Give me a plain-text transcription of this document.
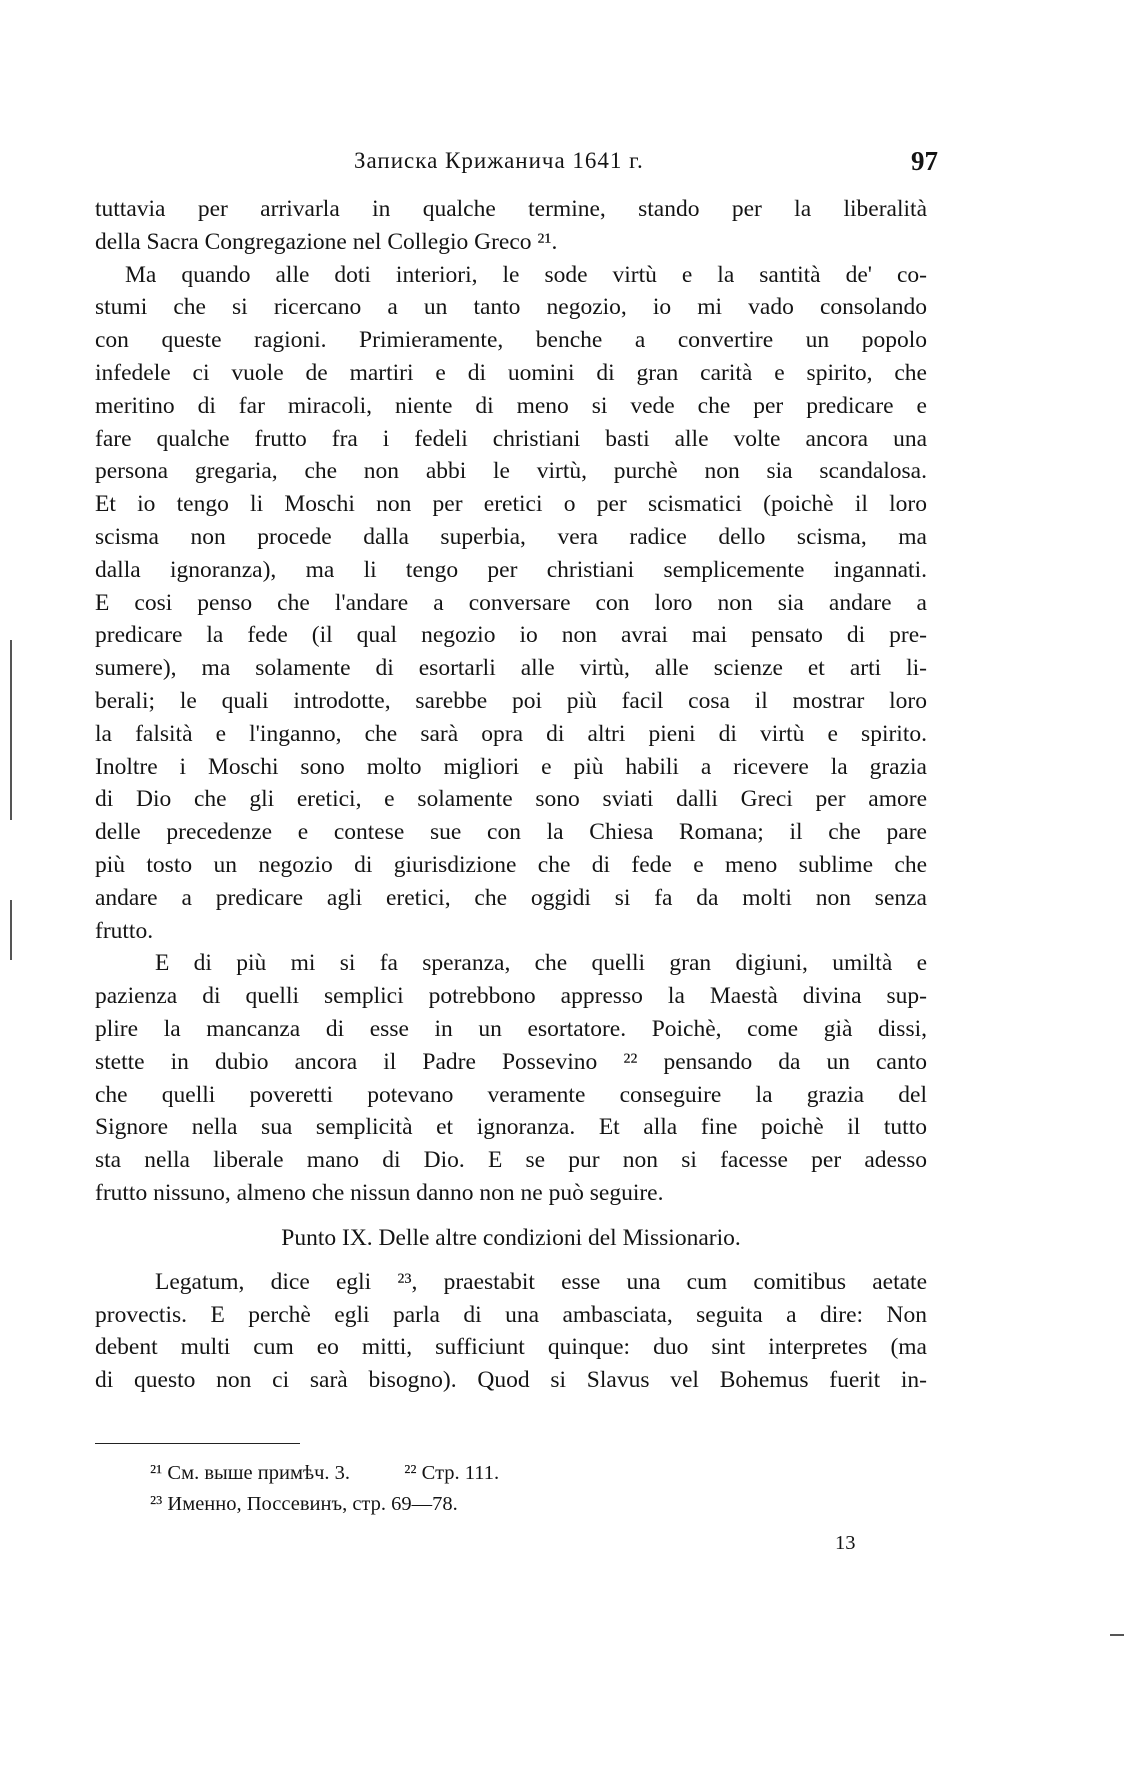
Записка Крижанича 1641 г.	97
tuttavia per arrivarla in qualche termine, stando per la liberalità
della Sacra Congregazione nel Collegio Greco ²¹.
Ma quando alle doti interiori, le sode virtù e la santità de' co-
stumi che si ricercano a un tanto negozio, io mi vado consolando
con queste ragioni. Primieramente, benche a convertire un popolo
infedele ci vuole de martiri e di uomini di gran carità e spirito, che
meritino di far miracoli, niente di meno si vede che per predicare e
fare qualche frutto fra i fedeli christiani basti alle volte ancora una
persona gregaria, che non abbi le virtù, purchè non sia scandalosa.
Et io tengo li Moschi non per eretici o per scismatici (poichè il loro
scisma non procede dalla superbia, vera radice dello scisma, ma
dalla ignoranza), ma li tengo per christiani semplicemente ingannati.
E cosi penso che l'andare a conversare con loro non sia andare a
predicare la fede (il qual negozio io non avrai mai pensato di pre-
sumere), ma solamente di esortarli alle virtù, alle scienze et arti li-
berali; le quali introdotte, sarebbe poi più facil cosa il mostrar loro
la falsità e l'inganno, che sarà opra di altri pieni di virtù e spirito.
Inoltre i Moschi sono molto migliori e più habili a ricevere la grazia
di Dio che gli eretici, e solamente sono sviati dalli Greci per amore
delle precedenze e contese sue con la Chiesa Romana; il che pare
più tosto un negozio di giurisdizione che di fede e meno sublime che
andare a predicare agli eretici, che oggidi si fa da molti non senza
frutto.
E di più mi si fa speranza, che quelli gran digiuni, umiltà e
pazienza di quelli semplici potrebbono appresso la Maestà divina sup-
plire la mancanza di esse in un esortatore. Poichè, come già dissi,
stette in dubio ancora il Padre Possevino ²² pensando da un canto
che quelli poveretti potevano veramente conseguire la grazia del
Signore nella sua semplicità et ignoranza. Et alla fine poichè il tutto
sta nella liberale mano di Dio. E se pur non si facesse per adesso
frutto nissuno, almeno che nissun danno non ne può seguire.
Punto IX. Delle altre condizioni del Missionario.
Legatum, dice egli ²³, praestabit esse una cum comitibus aetate
provectis. E perchè egli parla di una ambasciata, seguita a dire: Non
debent multi cum eo mitti, sufficiunt quinque: duo sint interpretes (ma
di questo non ci sarà bisogno). Quod si Slavus vel Bohemus fuerit in-
²¹ См. выше примѣч. 3.	²² Стр. 111.
²³ Именно, Поссевинъ, стр. 69—78.
13
